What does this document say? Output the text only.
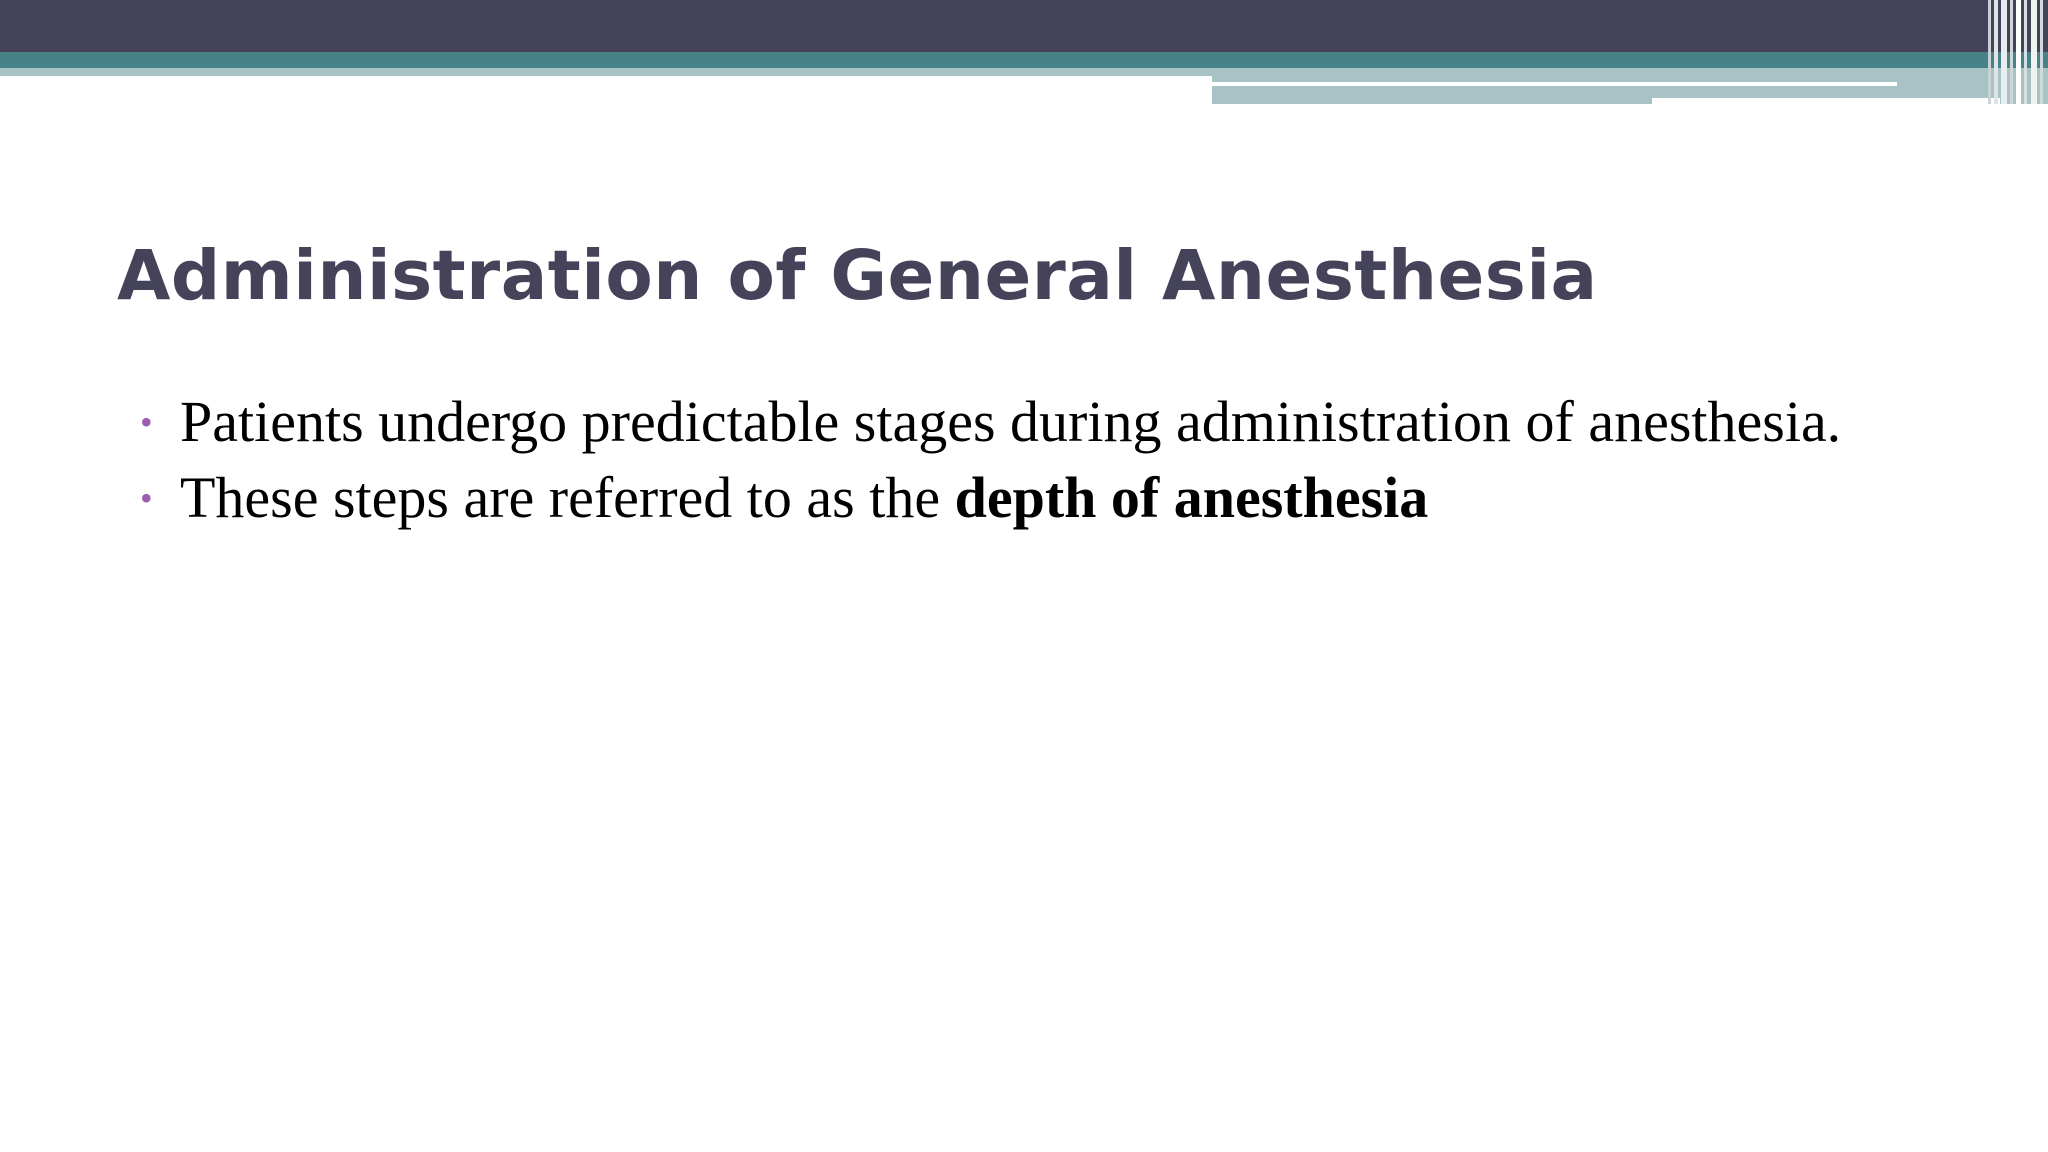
Administration of General Anesthesia
• Patients undergo predictable stages during administration of anesthesia.
• These steps are referred to as the depth of anesthesia
